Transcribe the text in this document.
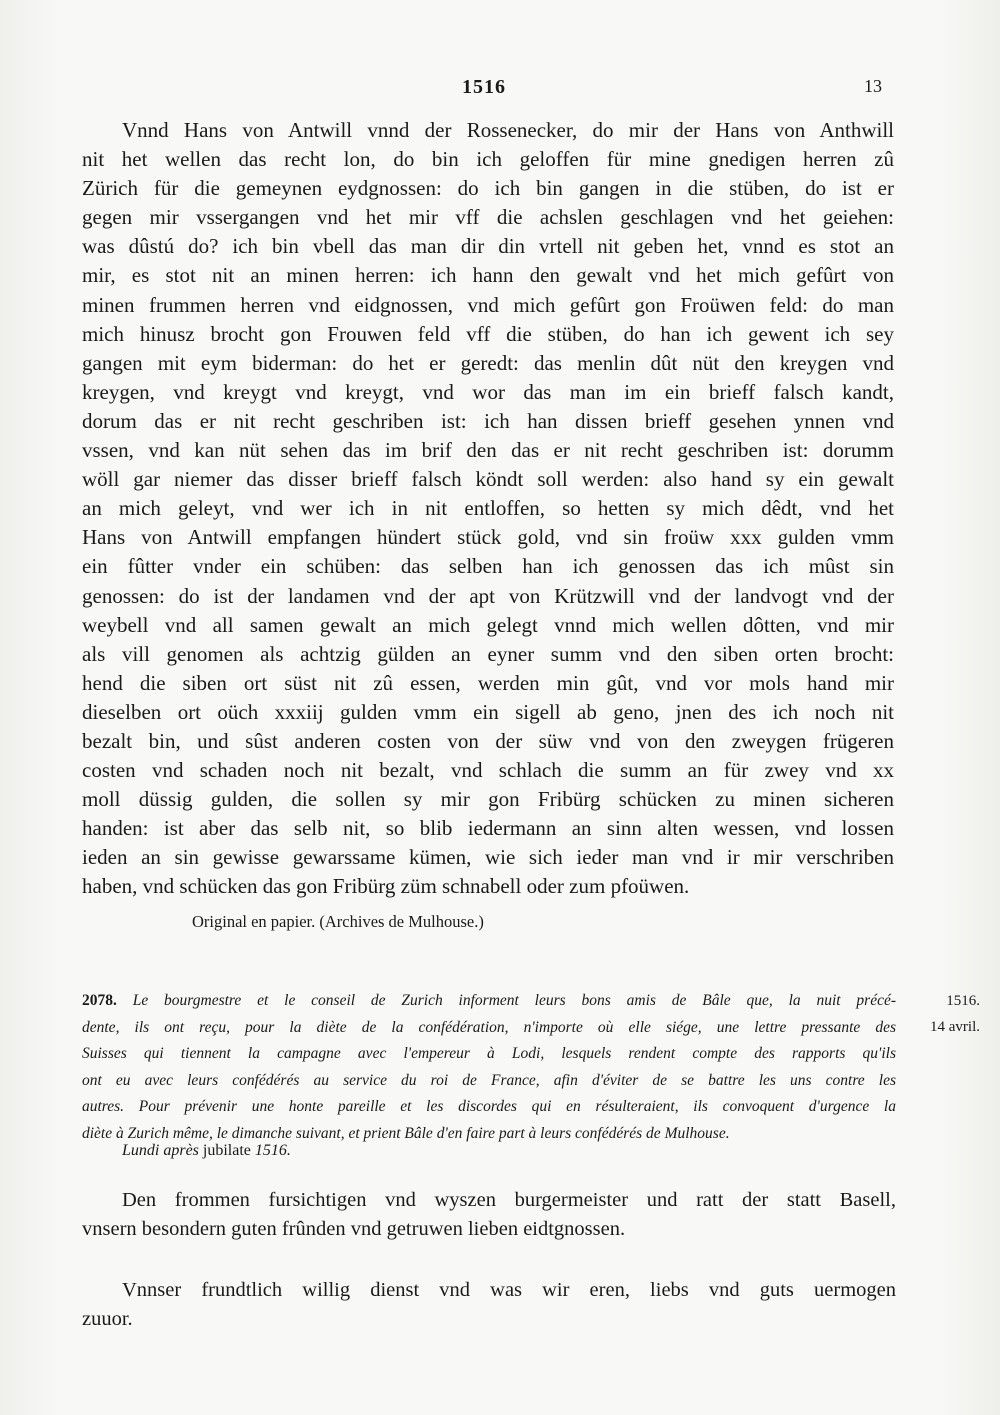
1516	13
Vnnd Hans von Antwill vnnd der Rossenecker, do mir der Hans von Anthwill
nit het wellen das recht lon, do bin ich geloffen für mine gnedigen herren zû
Zürich für die gemeynen eydgnossen: do ich bin gangen in die stüben, do ist er
gegen mir vssergangen vnd het mir vff die achslen geschlagen vnd het geiehen:
was dûstú do? ich bin vbell das man dir din vrtell nit geben het, vnnd es stot an
mir, es stot nit an minen herren: ich hann den gewalt vnd het mich gefûrt von
minen frummen herren vnd eidgnossen, vnd mich gefûrt gon Froüwen feld: do man
mich hinusz brocht gon Frouwen feld vff die stüben, do han ich gewent ich sey
gangen mit eym biderman: do het er geredt: das menlin dût nüt den kreygen vnd
kreygen, vnd kreygt vnd kreygt, vnd wor das man im ein brieff falsch kandt,
dorum das er nit recht geschriben ist: ich han dissen brieff gesehen ynnen vnd
vssen, vnd kan nüt sehen das im brif den das er nit recht geschriben ist: dorumm
wöll gar niemer das disser brieff falsch köndt soll werden: also hand sy ein gewalt
an mich geleyt, vnd wer ich in nit entloffen, so hetten sy mich dêdt, vnd het
Hans von Antwill empfangen hündert stück gold, vnd sin froüw xxx gulden vmm
ein fûtter vnder ein schüben: das selben han ich genossen das ich mûst sin
genossen: do ist der landamen vnd der apt von Krützwill vnd der landvogt vnd der
weybell vnd all samen gewalt an mich gelegt vnnd mich wellen dôtten, vnd mir
als vill genomen als achtzig gülden an eyner summ vnd den siben orten brocht:
hend die siben ort süst nit zû essen, werden min gût, vnd vor mols hand mir
dieselben ort oüch xxxiij gulden vmm ein sigell ab geno, jnen des ich noch nit
bezalt bin, und sûst anderen costen von der süw vnd von den zweygen frügeren
costen vnd schaden noch nit bezalt, vnd schlach die summ an für zwey vnd xx
moll düssig gulden, die sollen sy mir gon Fribürg schücken zu minen sicheren
handen: ist aber das selb nit, so blib iedermann an sinn alten wessen, vnd lossen
ieden an sin gewisse gewarssame kümen, wie sich ieder man vnd ir mir verschriben
haben, vnd schücken das gon Fribürg züm schnabell oder zum pfoüwen.
Original en papier. (Archives de Mulhouse.)
2078. Le bourgmestre et le conseil de Zurich informent leurs bons amis de Bâle que, la nuit précé-
dente, ils ont reçu, pour la diète de la confédération, n'importe où elle siége, une lettre pressante des
Suisses qui tiennent la campagne avec l'empereur à Lodi, lesquels rendent compte des rapports qu'ils
ont eu avec leurs confédérés au service du roi de France, afin d'éviter de se battre les uns contre les
autres. Pour prévenir une honte pareille et les discordes qui en résulteraient, ils convoquent d'urgence la
diète à Zurich même, le dimanche suivant, et prient Bâle d'en faire part à leurs confédérés de Mulhouse.
1516.
14 avril.
Lundi après jubilate 1516.
Den frommen fursichtigen vnd wyszen burgermeister und ratt der statt Basell,
vnsern besondern guten frûnden vnd getruwen lieben eidtgnossen.
Vnnser frundtlich willig dienst vnd was wir eren, liebs vnd guts uermogen
zuuor.
